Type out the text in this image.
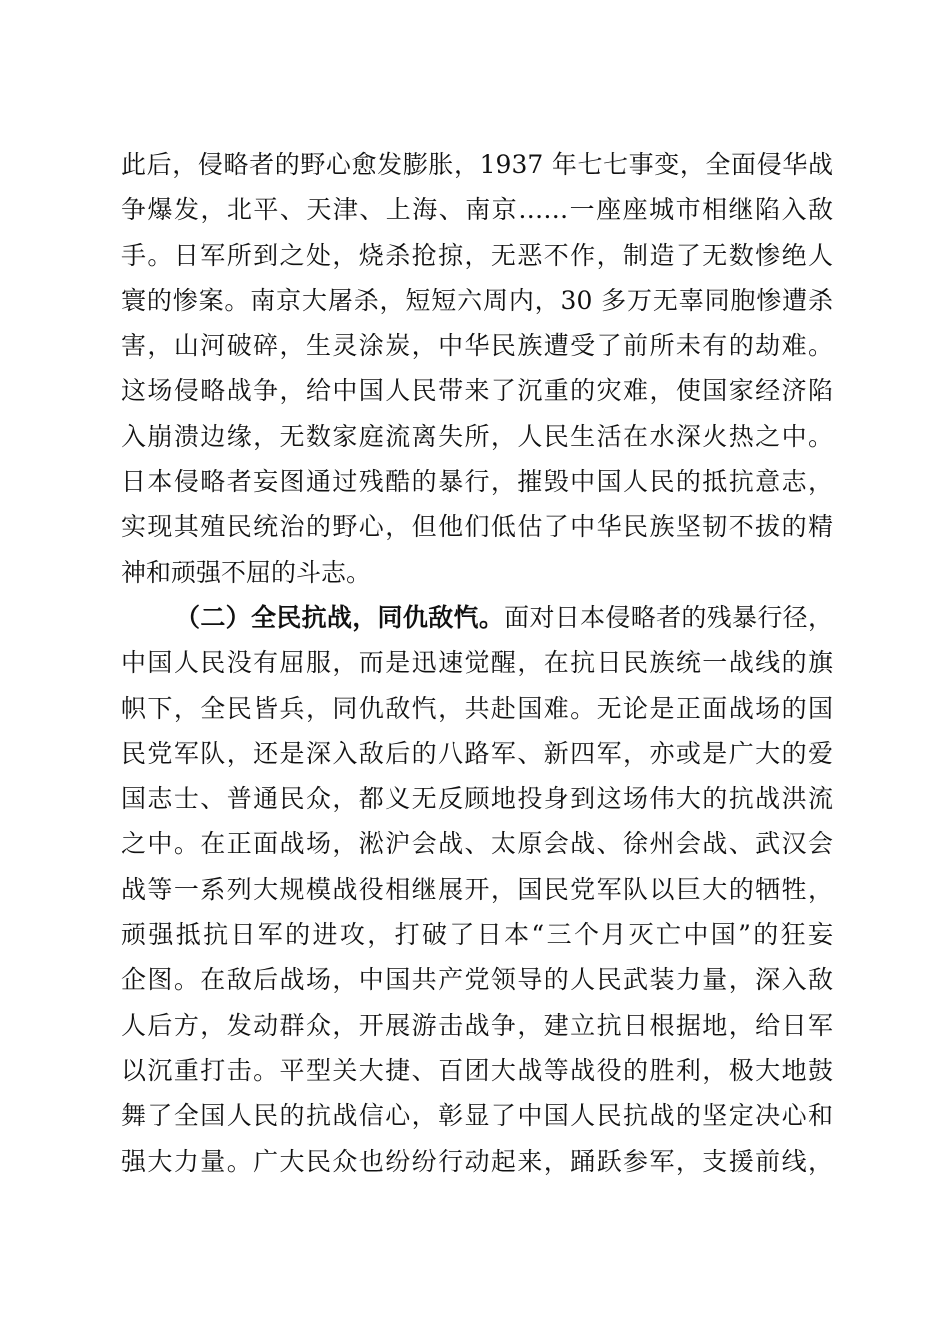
此后，侵略者的野心愈发膨胀，1937 年七七事变，全面侵华战
争爆发，北平、天津、上海、南京……一座座城市相继陷入敌
手。日军所到之处，烧杀抢掠，无恶不作，制造了无数惨绝人
寰的惨案。南京大屠杀，短短六周内，30 多万无辜同胞惨遭杀
害，山河破碎，生灵涂炭，中华民族遭受了前所未有的劫难。
这场侵略战争，给中国人民带来了沉重的灾难，使国家经济陷
入崩溃边缘，无数家庭流离失所，人民生活在水深火热之中。
日本侵略者妄图通过残酷的暴行，摧毁中国人民的抵抗意志，
实现其殖民统治的野心，但他们低估了中华民族坚韧不拔的精
神和顽强不屈的斗志。
（二）全民抗战，同仇敌忾。面对日本侵略者的残暴行径，
中国人民没有屈服，而是迅速觉醒，在抗日民族统一战线的旗
帜下，全民皆兵，同仇敌忾，共赴国难。无论是正面战场的国
民党军队，还是深入敌后的八路军、新四军，亦或是广大的爱
国志士、普通民众，都义无反顾地投身到这场伟大的抗战洪流
之中。在正面战场，淞沪会战、太原会战、徐州会战、武汉会
战等一系列大规模战役相继展开，国民党军队以巨大的牺牲，
顽强抵抗日军的进攻，打破了日本“三个月灭亡中国”的狂妄
企图。在敌后战场，中国共产党领导的人民武装力量，深入敌
人后方，发动群众，开展游击战争，建立抗日根据地，给日军
以沉重打击。平型关大捷、百团大战等战役的胜利，极大地鼓
舞了全国人民的抗战信心，彰显了中国人民抗战的坚定决心和
强大力量。广大民众也纷纷行动起来，踊跃参军，支援前线，
